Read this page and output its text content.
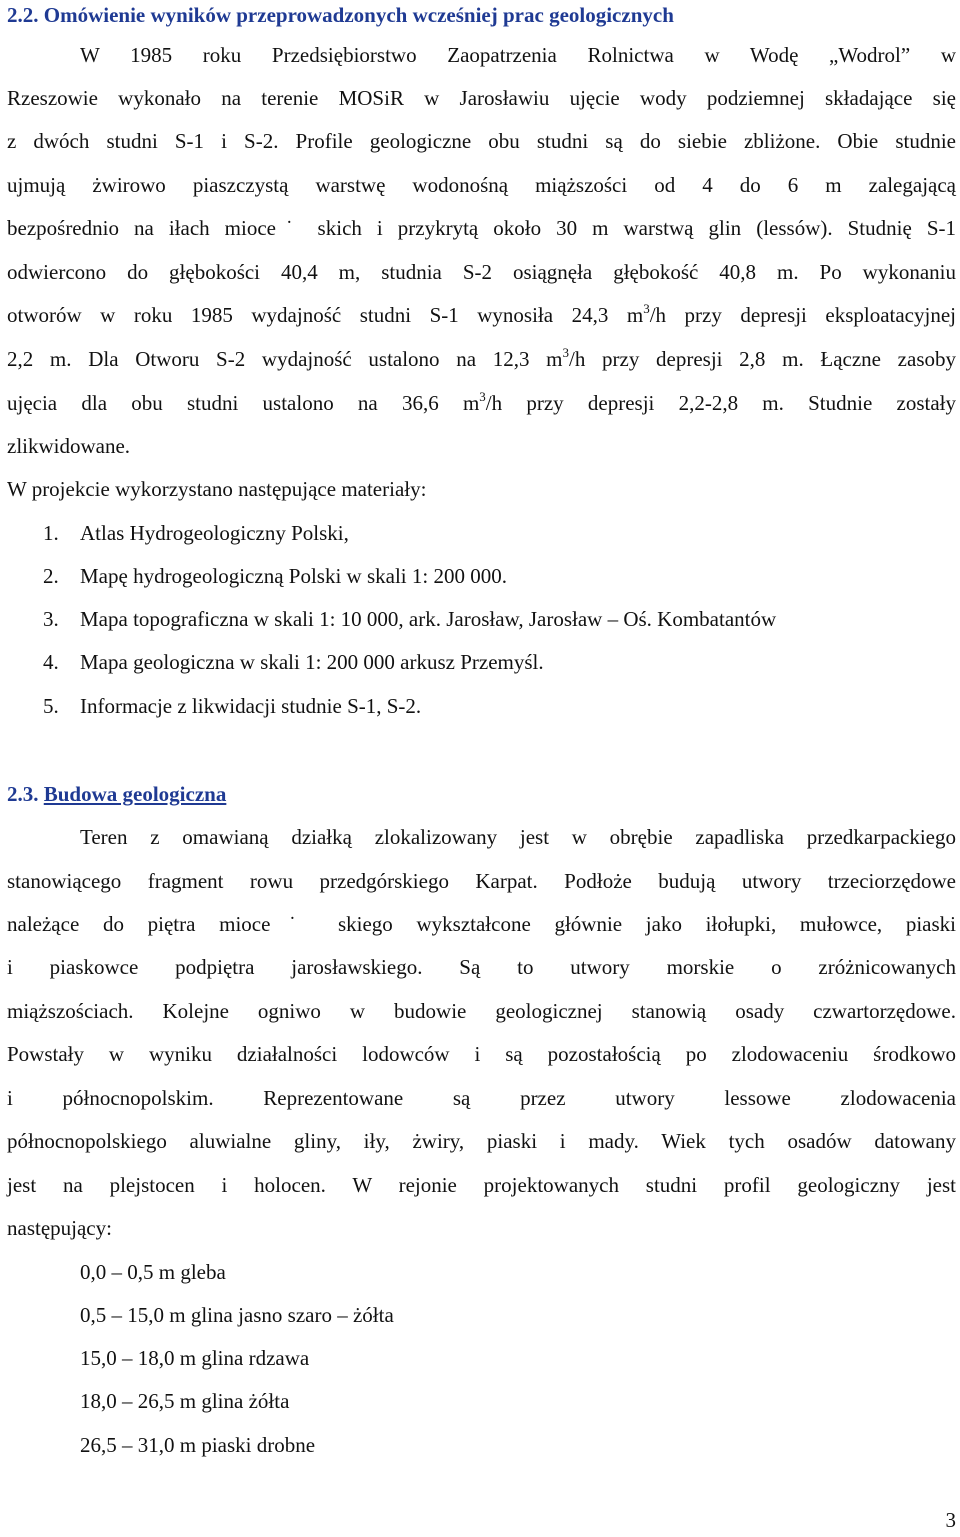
2.2. Omówienie wyników przeprowadzonych wcześniej prac geologicznych
W 1985 roku Przedsiębiorstwo Zaopatrzenia Rolnictwa w Wodę „Wodrol” w
Rzeszowie wykonało na terenie MOSiR w Jarosławiu ujęcie wody podziemnej składające się
z dwóch studni S-1 i S-2. Profile geologiczne obu studni są do siebie zbliżone. Obie studnie
ujmują żwirowo piaszczystą warstwę wodonośną miąższości od 4 do 6 m zalegającą
bezpośrednio na iłach mioce˙ skich i przykrytą około 30 m warstwą glin (lessów). Studnię S-1
odwiercono do głębokości 40,4 m, studnia S-2 osiągnęła głębokość 40,8 m. Po wykonaniu
otworów w roku 1985 wydajność studni S-1 wynosiła 24,3 $m^3/h$ przy depresji eksploatacyjnej
2,2 m. Dla Otworu S-2 wydajność ustalono na 12,3 $m^3/h$ przy depresji 2,8 m. Łączne zasoby
ujęcia dla obu studni ustalono na 36,6 $m^3/h$ przy depresji 2,2-2,8 m. Studnie zostały
zlikwidowane.
W projekcie wykorzystano następujące materiały:
1. Atlas Hydrogeologiczny Polski,
2. Mapę hydrogeologiczną Polski w skali 1: 200 000.
3. Mapa topograficzna w skali 1: 10 000, ark. Jarosław, Jarosław – Oś. Kombatantów
4. Mapa geologiczna w skali 1: 200 000 arkusz Przemyśl.
5. Informacje z likwidacji studnie S-1, S-2.
2.3. Budowa geologiczna
Teren z omawianą działką zlokalizowany jest w obrębie zapadliska przedkarpackiego
stanowiącego fragment rowu przedgórskiego Karpat. Podłoże budują utwory trzeciorzędowe
należące do piętra mioce˙ skiego wykształcone głównie jako iłołupki, mułowce, piaski
i piaskowce podpiętra jarosławskiego. Są to utwory morskie o zróżnicowanych
miąższościach. Kolejne ogniwo w budowie geologicznej stanowią osady czwartorzędowe.
Powstały w wyniku działalności lodowców i są pozostałością po zlodowaceniu środkowo
i północnopolskim. Reprezentowane są przez utwory lessowe zlodowacenia
północnopolskiego aluwialne gliny, iły, żwiry, piaski i mady. Wiek tych osadów datowany
jest na plejstocen i holocen. W rejonie projektowanych studni profil geologiczny jest
następujący:
0,0 – 0,5 m gleba
0,5 – 15,0 m glina jasno szaro – żółta
15,0 – 18,0 m glina rdzawa
18,0 – 26,5 m glina żółta
26,5 – 31,0 m piaski drobne
3
